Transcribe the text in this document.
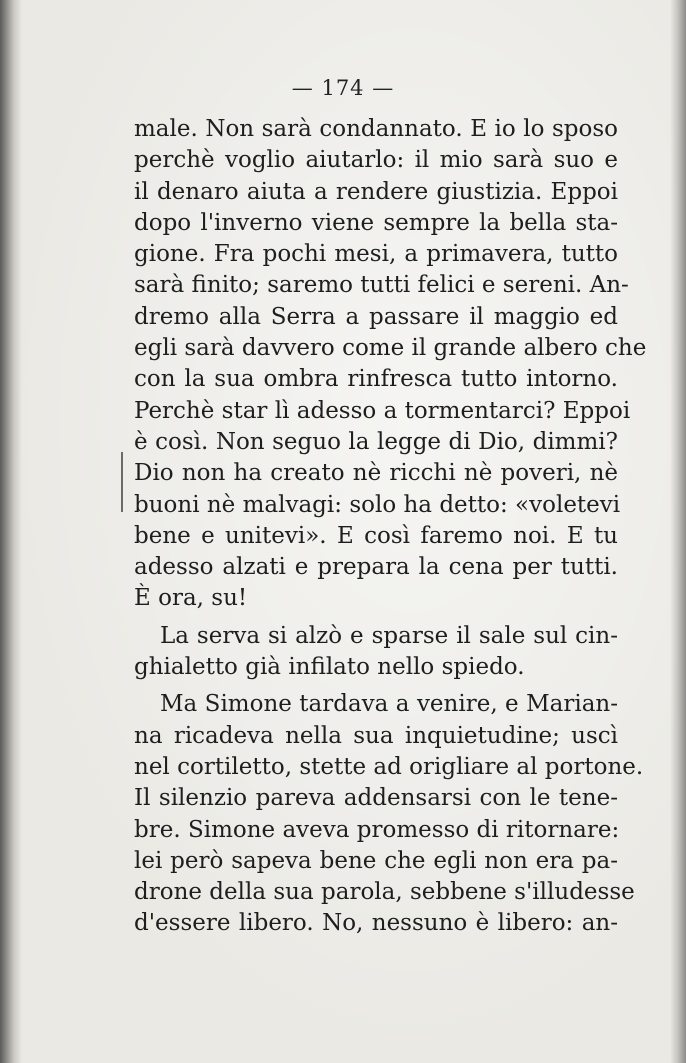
— 174 —
male. Non sarà condannato. E io lo sposo
perchè voglio aiutarlo: il mio sarà suo e
il denaro aiuta a rendere giustizia. Eppoi
dopo l'inverno viene sempre la bella sta-
gione. Fra pochi mesi, a primavera, tutto
sarà finito; saremo tutti felici e sereni. An-
dremo alla Serra a passare il maggio ed
egli sarà davvero come il grande albero che
con la sua ombra rinfresca tutto intorno.
Perchè star lì adesso a tormentarci? Eppoi
è così. Non seguo la legge di Dio, dimmi?
Dio non ha creato nè ricchi nè poveri, nè
buoni nè malvagi: solo ha detto: «voletevi
bene e unitevi». E così faremo noi. E tu
adesso alzati e prepara la cena per tutti.
È ora, su!
La serva si alzò e sparse il sale sul cin-
ghialetto già infilato nello spiedo.
Ma Simone tardava a venire, e Marian-
na ricadeva nella sua inquietudine; uscì
nel cortiletto, stette ad origliare al portone.
Il silenzio pareva addensarsi con le tene-
bre. Simone aveva promesso di ritornare:
lei però sapeva bene che egli non era pa-
drone della sua parola, sebbene s'illudesse
d'essere libero. No, nessuno è libero: an-
